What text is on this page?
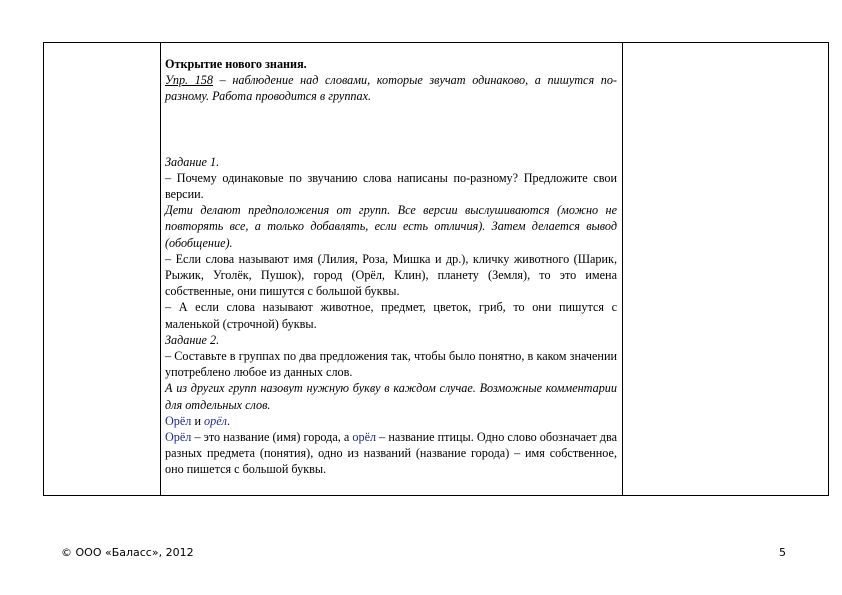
Открытие нового знания.

Упр. 158 – наблюдение над словами, которые звучат одинаково, а пишутся по-разному. Работа проводится в группах.

Задание 1.

– Почему одинаковые по звучанию слова написаны по-разному? Предложите свои версии.

Дети делают предположения от групп. Все версии выслушиваются (можно не повторять все, а только добавлять, если есть отличия). Затем делается вывод (обобщение).

– Если слова называют имя (Лилия, Роза, Мишка и др.), кличку животного (Шарик, Рыжик, Уголёк, Пушок), город (Орёл, Клин), планету (Земля), то это имена собственные, они пишутся с большой буквы.

– А если слова называют животное, предмет, цветок, гриб, то они пишутся с маленькой (строчной) буквы.

Задание 2.

– Составьте в группах по два предложения так, чтобы было понятно, в каком значении употреблено любое из данных слов.

А из других групп назовут нужную букву в каждом случае. Возможные комментарии для отдельных слов.

Орёл и орёл.

Орёл – это название (имя) города, а орёл – название птицы. Одно слово обозначает два разных предмета (понятия), одно из названий (название города) – имя собственное, оно пишется с большой буквы.

© ООО «Баласс», 2012	5
